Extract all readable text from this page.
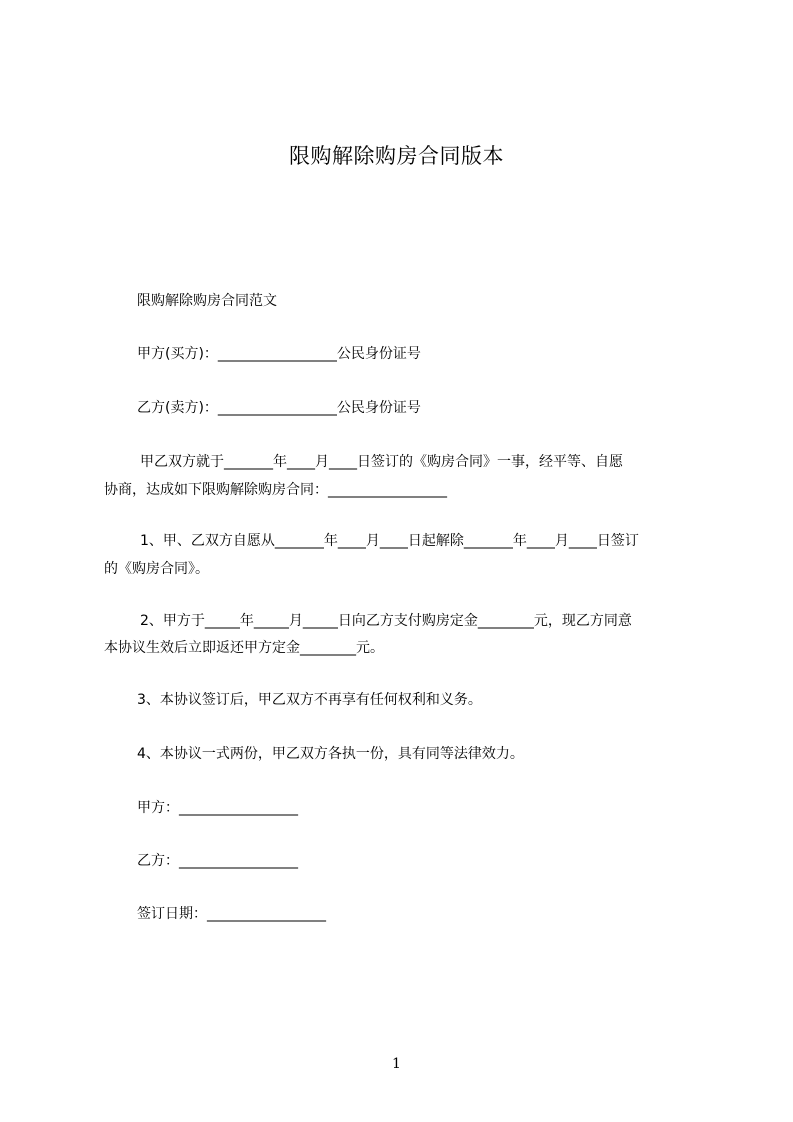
限购解除购房合同版本
限购解除购房合同范文
甲方(买方)：_________________公民身份证号
乙方(卖方)：_________________公民身份证号
甲乙双方就于_______年____月____日签订的《购房合同》一事，经平等、自愿
协商，达成如下限购解除购房合同：_________________
1、甲、乙双方自愿从_______年____月____日起解除_______年____月____日签订
的《购房合同》。
2、甲方于_____年_____月_____日向乙方支付购房定金________元，现乙方同意
本协议生效后立即返还甲方定金________元。
3、本协议签订后，甲乙双方不再享有任何权利和义务。
4、本协议一式两份，甲乙双方各执一份，具有同等法律效力。
甲方：_________________
乙方：_________________
签订日期：_________________
1
